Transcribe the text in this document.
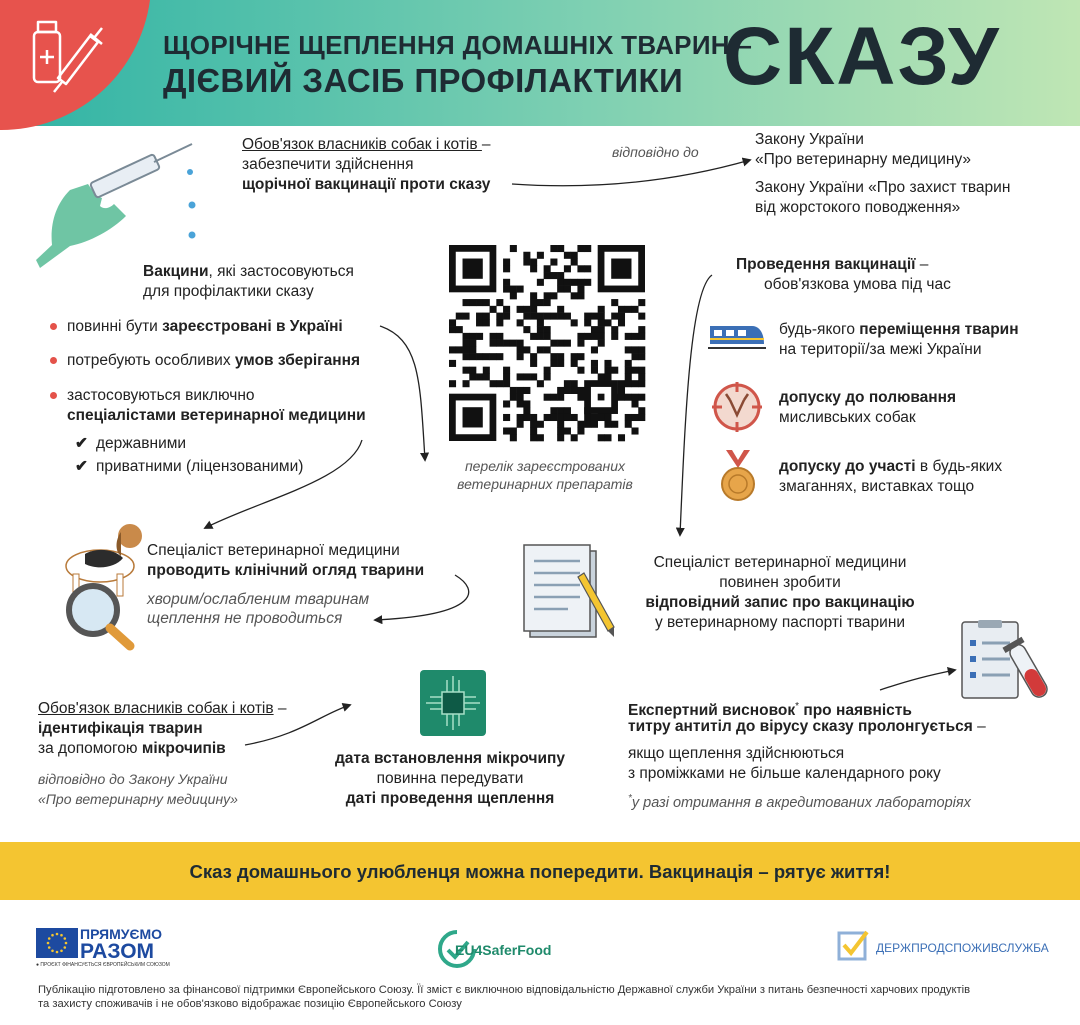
ЩОРІЧНЕ ЩЕПЛЕННЯ ДОМАШНІХ ТВАРИН –
ДІЄВИЙ ЗАСІБ ПРОФІЛАКТИКИ СКАЗУ
Обов'язок власників собак і котів –
забезпечити здійснення
щорічної вакцинації проти сказу
відповідно до
Закону України
«Про ветеринарну медицину»
Закону України «Про захист тварин
від жорстокого поводження»
Вакцини, які застосовуються
для профілактики сказу
повинні бути зареєстровані в Україні
потребують особливих умов зберігання
застосовуються виключно
спеціалістами ветеринарної медицини
✔ державними
✔ приватними (ліцензованими)	перелік зареєстрованих
ветеринарних препаратів
Проведення вакцинації –
обов'язкова умова під час
будь-якого переміщення тварин
на території/за межі України
допуску до полювання
мисливських собак
допуску до участі в будь-яких
змаганнях, виставках тощо
Спеціаліст ветеринарної медицини
проводить клінічний огляд тварини
хворим/ослабленим тваринам
щеплення не проводиться
Спеціаліст ветеринарної медицини
повинен зробити
відповідний запис про вакцинацію
у ветеринарному паспорті тварини
Обов'язок власників собак і котів –
ідентифікація тварин
за допомогою мікрочипів
відповідно до Закону України
«Про ветеринарну медицину»
дата встановлення мікрочипу
повинна передувати
даті проведення щеплення
Експертний висновок* про наявність
титру антитіл до вірусу сказу пролонгується –
якщо щеплення здійснюються
з проміжками не більше календарного року
*у разі отримання в акредитованих лабораторіях
Сказ домашнього улюбленця можна попередити. Вакцинація – рятує життя!
ПРЯМУЄМО
РАЗОМ
● ПРОЄКТ ФІНАНСУЄТЬСЯ ЄВРОПЕЙСЬКИМ СОЮЗОМ
EU4SaferFood	ДЕРЖПРОДСПОЖИВСЛУЖБА
Публікацію підготовлено за фінансової підтримки Європейського Союзу. Її зміст є виключною відповідальністю Державної служби України з питань безпечності харчових продуктів
та захисту споживачів і не обов'язково відображає позицію Європейського Союзу
